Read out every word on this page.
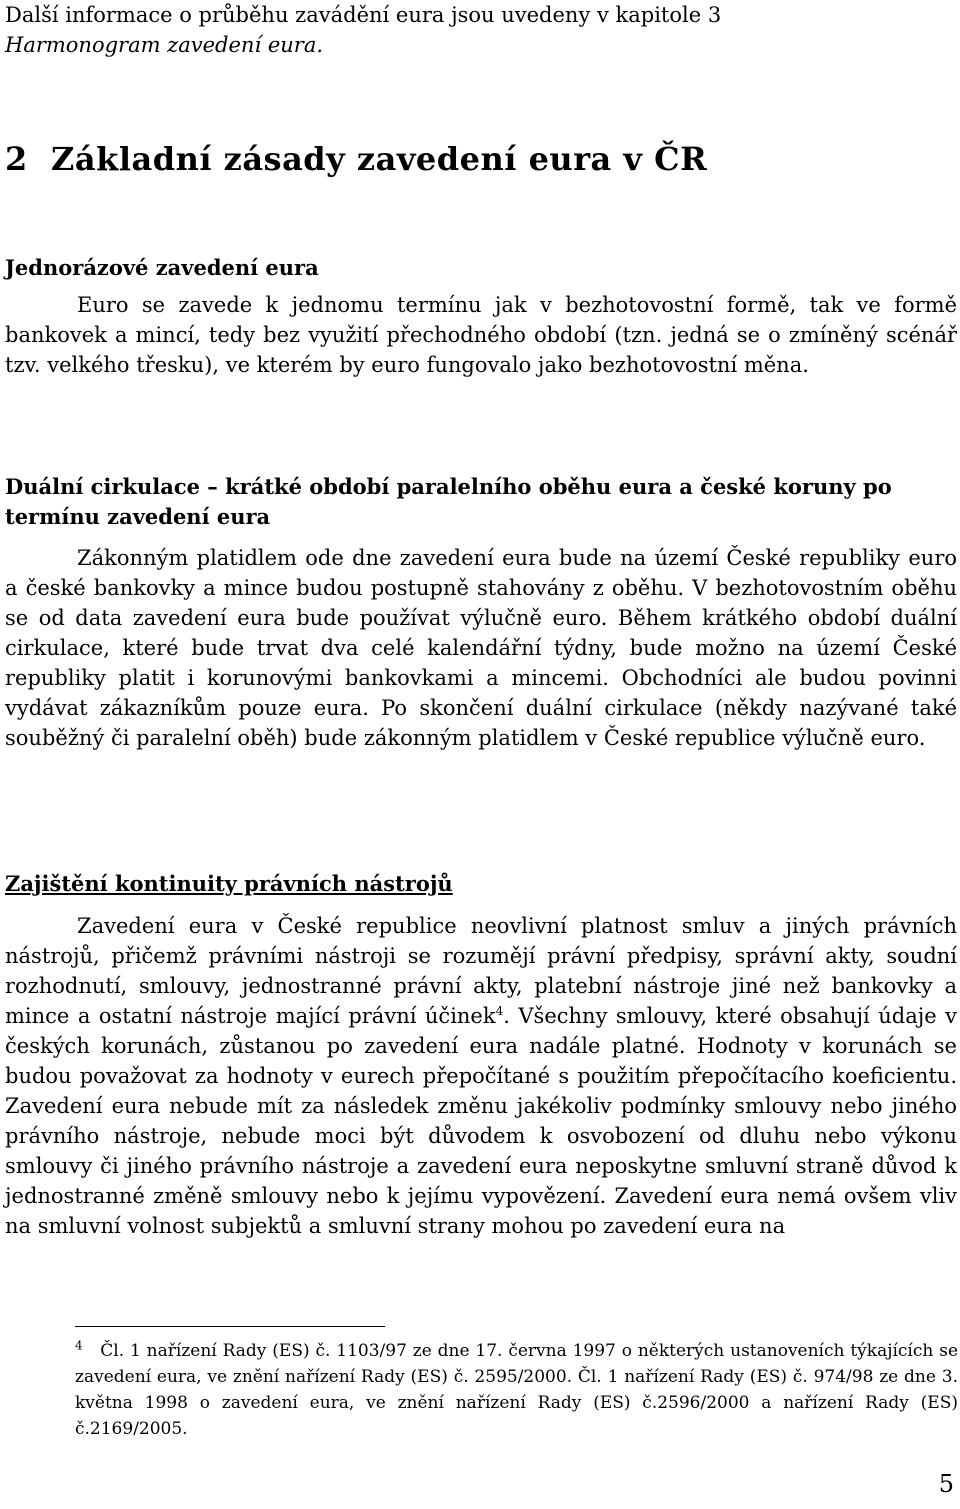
Další informace o průběhu zavádění eura jsou uvedeny v kapitole 3
Harmonogram zavedení eura.

2 Základní zásady zavedení eura v ČR
Jednorázové zavedení eura

Euro se zavede k jednomu termínu jak v bezhotovostní formě, tak ve formě bankovek a mincí, tedy bez využití přechodného období (tzn. jedná se o zmíněný scénář tzv. velkého třesku), ve kterém by euro fungovalo jako bezhotovostní měna.

Duální cirkulace – krátké období paralelního oběhu eura a české koruny po termínu zavedení eura

Zákonným platidlem ode dne zavedení eura bude na území České republiky euro a české bankovky a mince budou postupně stahovány z oběhu. V bezhotovostním oběhu se od data zavedení eura bude používat výlučně euro. Během krátkého období duální cirkulace, které bude trvat dva celé kalendářní týdny, bude možno na území České republiky platit i korunovými bankovkami a mincemi. Obchodníci ale budou povinni vydávat zákazníkům pouze eura. Po skončení duální cirkulace (někdy nazývané také souběžný či paralelní oběh) bude zákonným platidlem v České republice výlučně euro.

Zajištění kontinuity právních nástrojů

Zavedení eura v České republice neovlivní platnost smluv a jiných právních nástrojů, přičemž právními nástroji se rozumějí právní předpisy, správní akty, soudní rozhodnutí, smlouvy, jednostranné právní akty, platební nástroje jiné než bankovky a mince a ostatní nástroje mající právní účinek$^4$. Všechny smlouvy, které obsahují údaje v českých korunách, zůstanou po zavedení eura nadále platné. Hodnoty v korunách se budou považovat za hodnoty v eurech přepočítané s použitím přepočítacího koeficientu. Zavedení eura nebude mít za následek změnu jakékoliv podmínky smlouvy nebo jiného právního nástroje, nebude moci být důvodem k osvobození od dluhu nebo výkonu smlouvy či jiného právního nástroje a zavedení eura neposkytne smluvní straně důvod k jednostranné změně smlouvy nebo k jejímu vypovězení. Zavedení eura nemá ovšem vliv na smluvní volnost subjektů a smluvní strany mohou po zavedení eura na

$^4$ Čl. 1 nařízení Rady (ES) č. 1103/97 ze dne 17. června 1997 o některých ustanoveních týkajících se zavedení eura, ve znění nařízení Rady (ES) č. 2595/2000. Čl. 1 nařízení Rady (ES) č. 974/98 ze dne 3. května 1998 o zavedení eura, ve znění nařízení Rady (ES) č.2596/2000 a nařízení Rady (ES) č.2169/2005.

5
